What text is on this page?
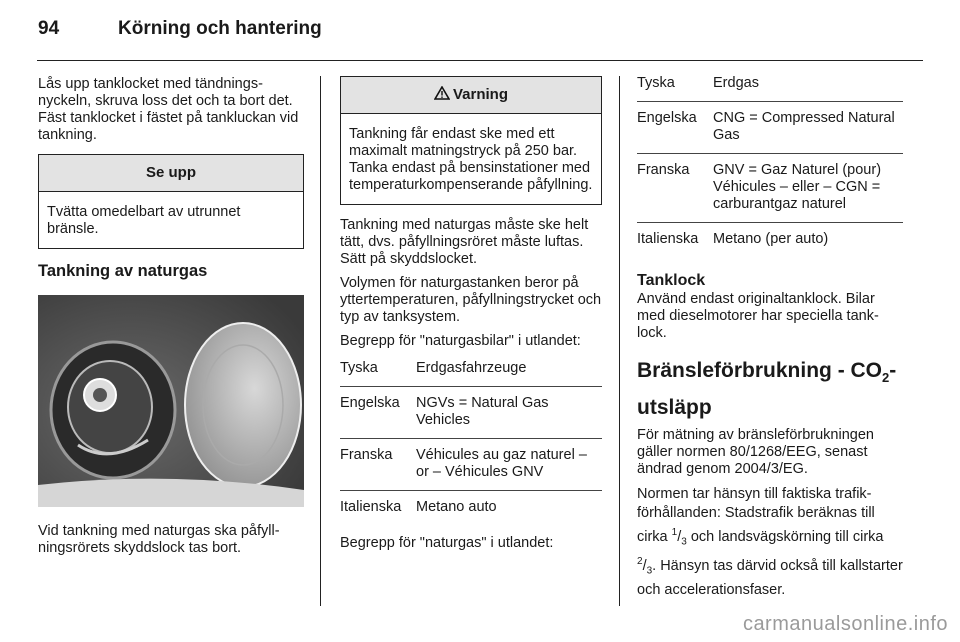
94	Körning och hantering

Lås upp tanklocket med tändningsnyckeln, skruva loss det och ta bort det. Fäst tanklocket i fästet på tankluckan vid tankning.

Se upp
Tvätta omedelbart av utrunnet bränsle.
Tankning av naturgas

Vid tankning med naturgas ska påfyllningsrörets skyddslock tas bort.

Varning
Tankning får endast ske med ett maximalt matningstryck på 250 bar. Tanka endast på bensinstationer med temperaturkompenserande påfyllning.

Tankning med naturgas måste ske helt tätt, dvs. påfyllningsröret måste luftas. Sätt på skyddslocket.

Volymen för naturgastanken beror på yttertemperaturen, påfyllningstrycket och typ av tanksystem.

Begrepp för "naturgasbilar" i utlandet:

Tyska	Erdgasfahrzeuge
Engelska	NGVs = Natural Gas Vehicles
Franska	Véhicules au gaz naturel – or – Véhicules GNV
Italienska	Metano auto

Begrepp för "naturgas" i utlandet:

Tyska	Erdgas
Engelska	CNG = Compressed Natural Gas
Franska	GNV = Gaz Naturel (pour) Véhicules – eller – CGN = carburantgaz naturel
Italienska	Metano (per auto)
Tanklock

Använd endast originaltanklock. Bilar med dieselmotorer har speciella tanklock.

Bränsleförbrukning - $CO_2$-utsläpp

För mätning av bränsleförbrukningen gäller normen 80/1268/EEG, senast ändrad genom 2004/3/EG.

Normen tar hänsyn till faktiska trafikförhållanden: Stadstrafik beräknas till cirka $^1/_3$ och landsvägskörning till cirka $^2/_3$. Hänsyn tas därvid också till kallstarter och accelerationsfaser.

carmanualsonline.info
